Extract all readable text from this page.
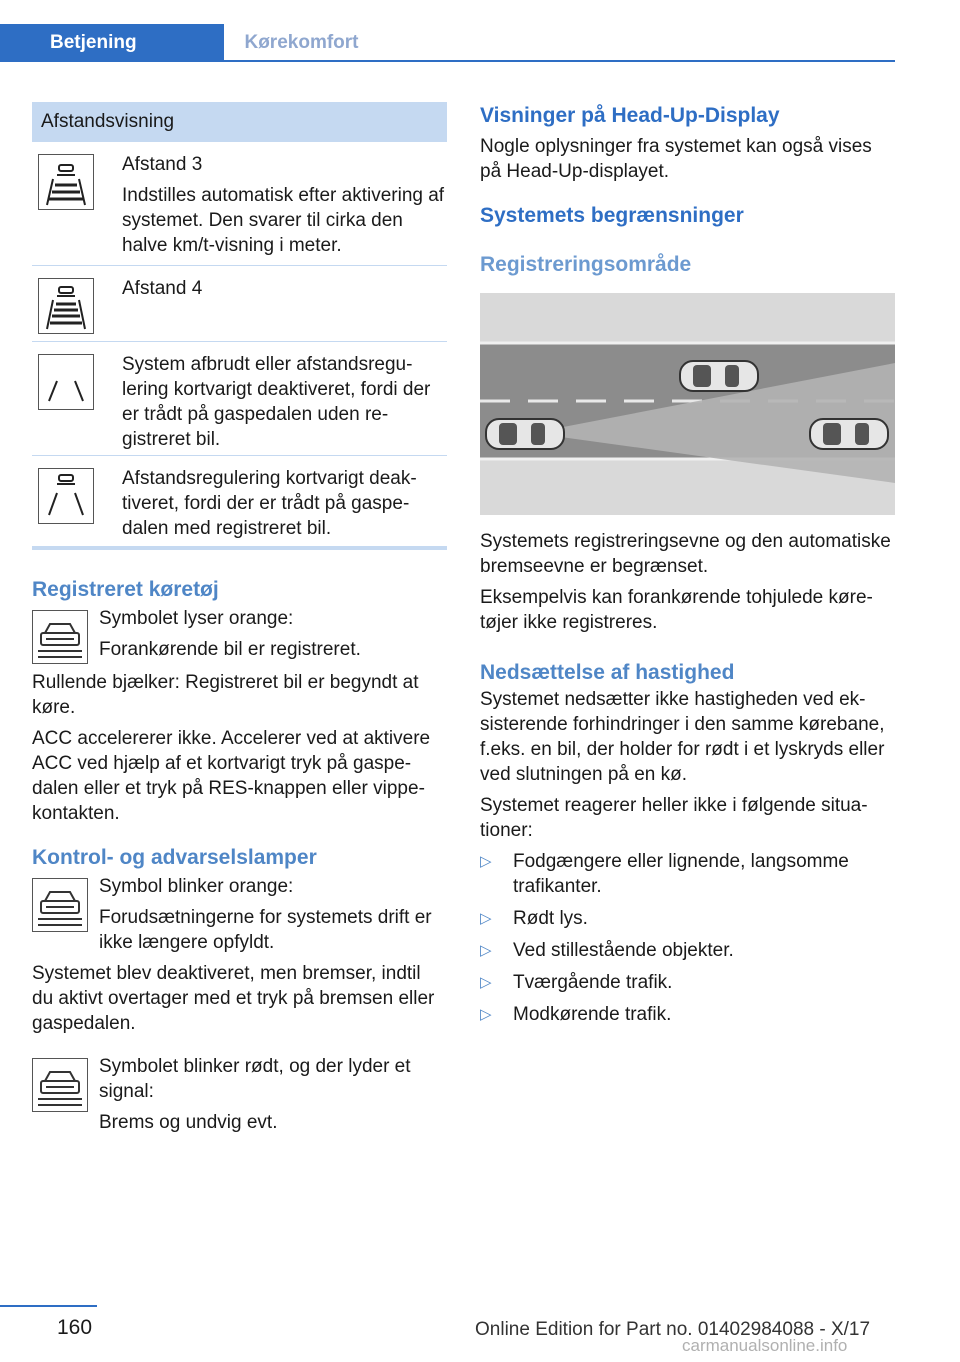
Betjening	Kørekomfort
Afstandsvisning

Afstand 3

Indstilles automatisk efter aktivering af systemet. Den svarer til cirka den halve km/t-visning i meter.

Afstand 4

System afbrudt eller afstandsregulering kortvarigt deaktiveret, fordi der er trådt på gaspedalen uden registreret bil.

Afstandsregulering kortvarigt deaktiveret, fordi der er trådt på gaspedalen med registreret bil.

Registreret køretøj

Symbolet lyser orange:

Forankørende bil er registreret.

Rullende bjælker: Registreret bil er begyndt at køre.

ACC accelererer ikke. Accelerer ved at aktivere ACC ved hjælp af et kortvarigt tryk på gaspedalen eller et tryk på RES-knappen eller vippekontakten.

Kontrol- og advarselslamper

Symbol blinker orange:

Forudsætningerne for systemets drift er ikke længere opfyldt.

Systemet blev deaktiveret, men bremser, indtil du aktivt overtager med et tryk på bremsen eller gaspedalen.

Symbolet blinker rødt, og der lyder et signal:

Brems og undvig evt.

Visninger på Head-Up-Display

Nogle oplysninger fra systemet kan også vises på Head-Up-displayet.

Systemets begrænsninger
Registreringsområde

Systemets registreringsevne og den automatiske bremseevne er begrænset.

Eksempelvis kan forankørende tohjulede køretøjer ikke registreres.

Nedsættelse af hastighed

Systemet nedsætter ikke hastigheden ved eksisterende forhindringer i den samme kørebane, f.eks. en bil, der holder for rødt i et lyskryds eller ved slutningen på en kø.

Systemet reagerer heller ikke i følgende situationer:

▷ Fodgængere eller lignende, langsomme trafikanter.
▷ Rødt lys.
▷ Ved stillestående objekter.
▷ Tværgående trafik.
▷ Modkørende trafik.
160	Online Edition for Part no. 01402984088 - X/17
carmanualsonline.info
